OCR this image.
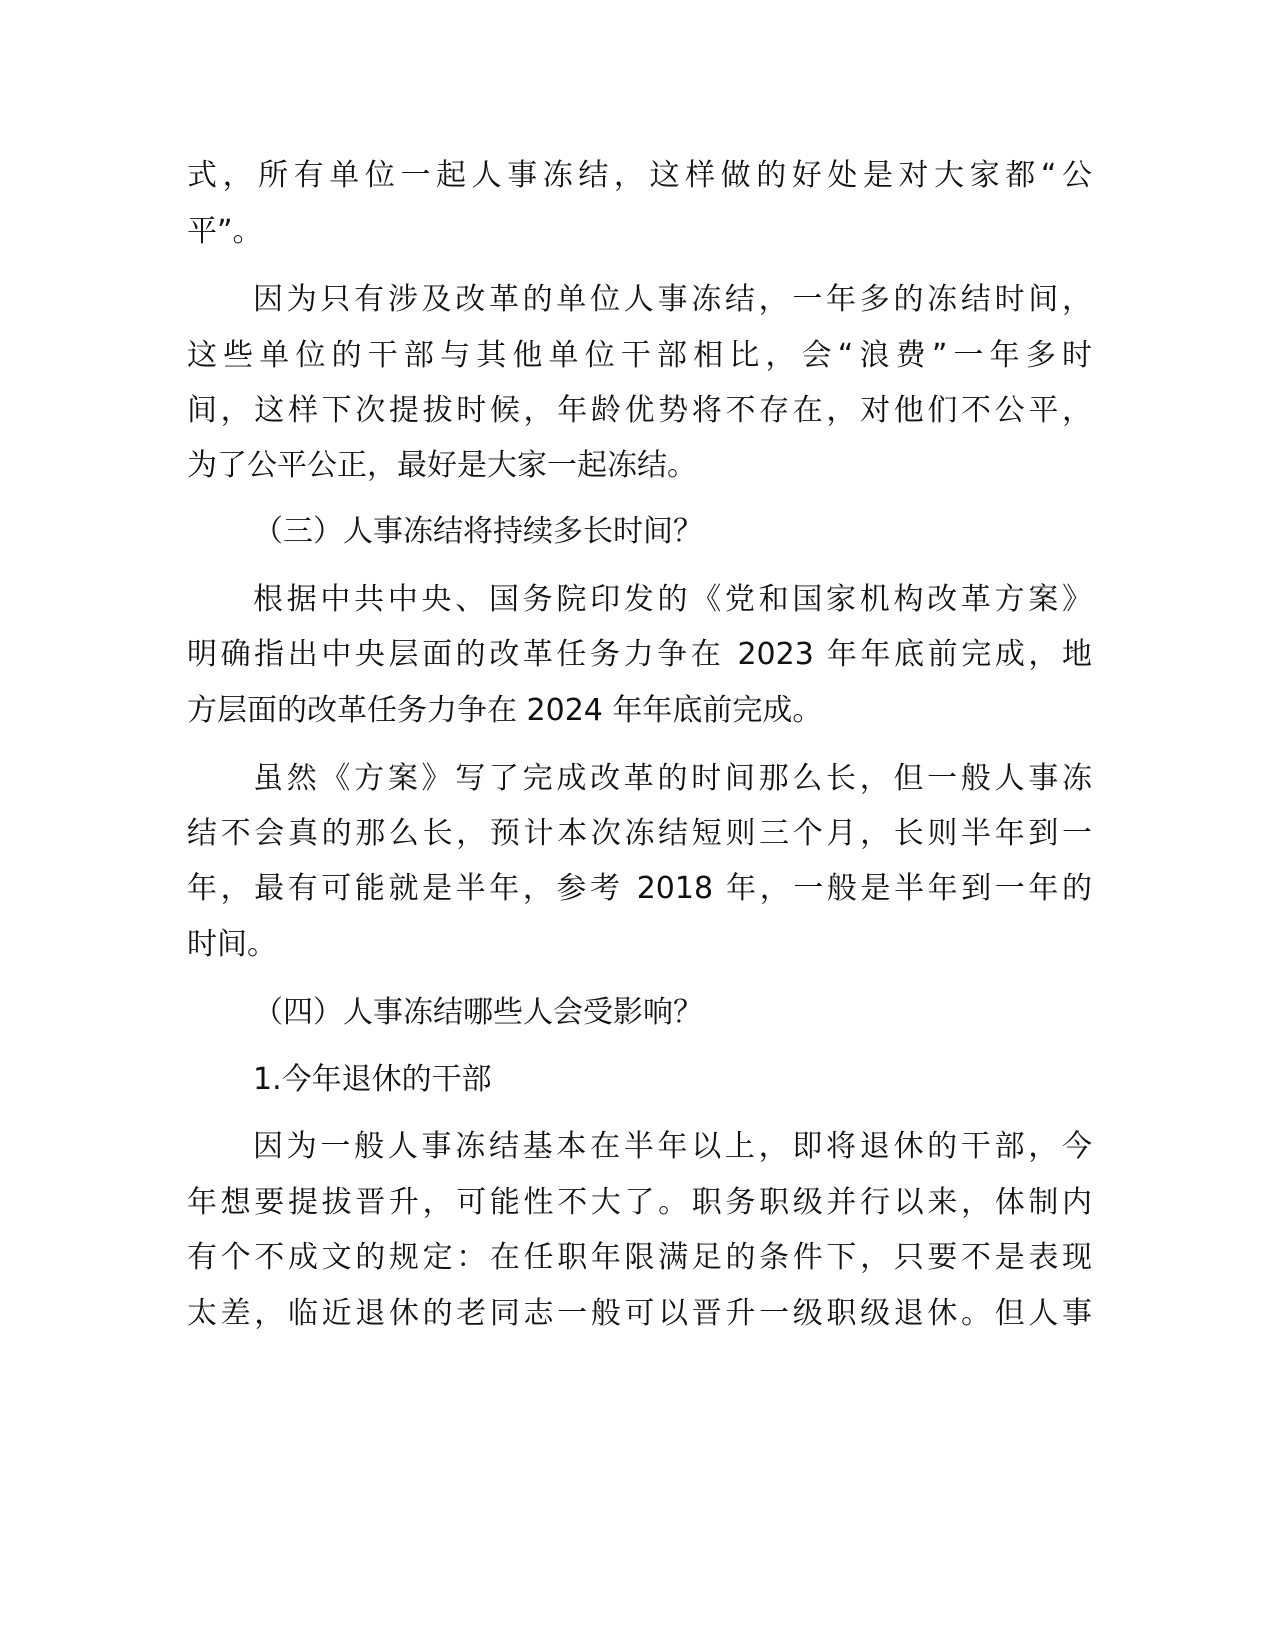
式，所有单位一起人事冻结，这样做的好处是对大家都“公
平”。
因为只有涉及改革的单位人事冻结，一年多的冻结时间，
这些单位的干部与其他单位干部相比，会“浪费”一年多时
间，这样下次提拔时候，年龄优势将不存在，对他们不公平，
为了公平公正，最好是大家一起冻结。
（三）人事冻结将持续多长时间？
根据中共中央、国务院印发的《党和国家机构改革方案》
明确指出中央层面的改革任务力争在 2023 年年底前完成，地
方层面的改革任务力争在 2024 年年底前完成。
虽然《方案》写了完成改革的时间那么长，但一般人事冻
结不会真的那么长，预计本次冻结短则三个月，长则半年到一
年，最有可能就是半年，参考 2018 年，一般是半年到一年的
时间。
（四）人事冻结哪些人会受影响？
1.今年退休的干部
因为一般人事冻结基本在半年以上，即将退休的干部，今
年想要提拔晋升，可能性不大了。职务职级并行以来，体制内
有个不成文的规定：在任职年限满足的条件下，只要不是表现
太差，临近退休的老同志一般可以晋升一级职级退休。但人事
